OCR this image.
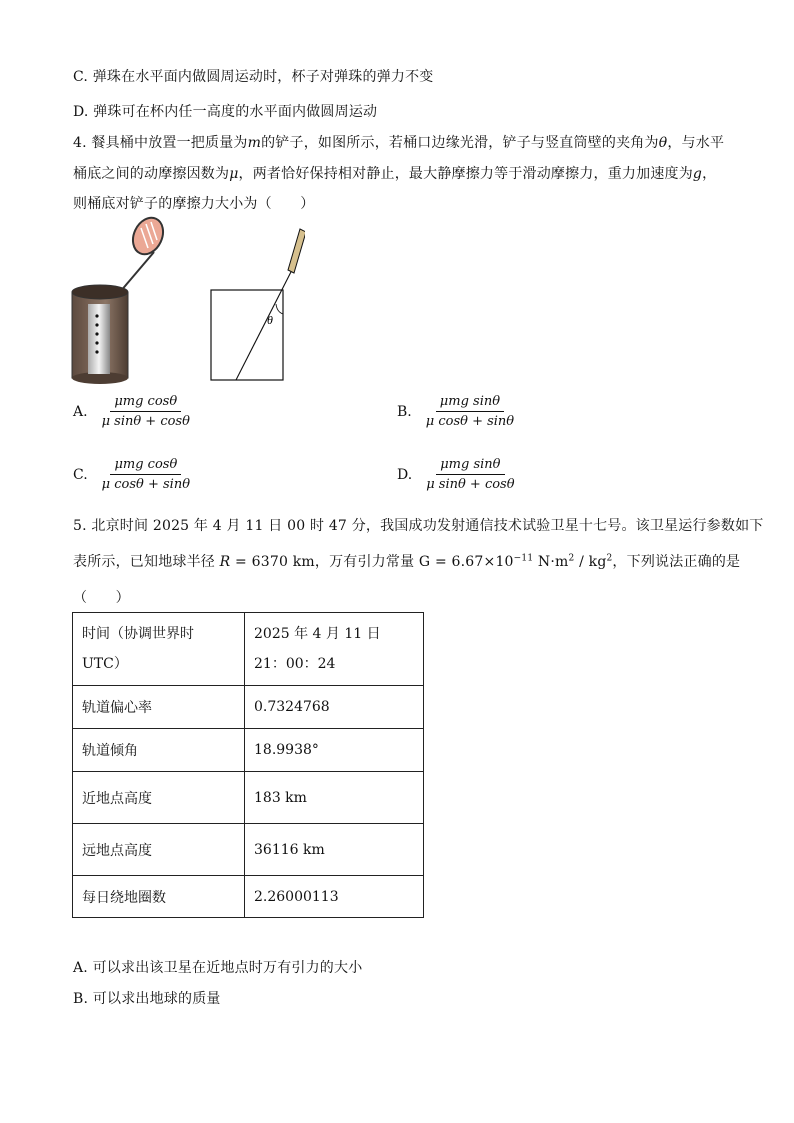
C. 弹珠在水平面内做圆周运动时，杯子对弹珠的弹力不变
D. 弹珠可在杯内任一高度的水平面内做圆周运动
4. 餐具桶中放置一把质量为m的铲子，如图所示，若桶口边缘光滑，铲子与竖直筒壁的夹角为θ，与水平
桶底之间的动摩擦因数为μ，两者恰好保持相对静止，最大静摩擦力等于滑动摩擦力，重力加速度为g，
则桶底对铲子的摩擦力大小为（　　）
θ
A. $\frac{\text{μmg cosθ}}{\text{μ sinθ + cosθ}}$	B. $\frac{\text{μmg sinθ}}{\text{μ cosθ + sinθ}}$
C. $\frac{\text{μmg cosθ}}{\text{μ cosθ + sinθ}}$	D. $\frac{\text{μmg sinθ}}{\text{μ sinθ + cosθ}}$
5. 北京时间 2025 年 4 月 11 日 00 时 47 分，我国成功发射通信技术试验卫星十七号。该卫星运行参数如下
表所示，已知地球半径 R = 6370 km，万有引力常量 $G = 6.67\times 10^{-11}$ $N\cdot m^2 / kg^2$，下列说法正确的是
（　　）
时间（协调世界时
UTC）	2025 年 4 月 11 日
21：00：24
轨道偏心率	0.7324768
轨道倾角	18.9938°
近地点高度	183 km
远地点高度	36116 km
每日绕地圈数	2.26000113
A. 可以求出该卫星在近地点时万有引力的大小
B. 可以求出地球的质量
